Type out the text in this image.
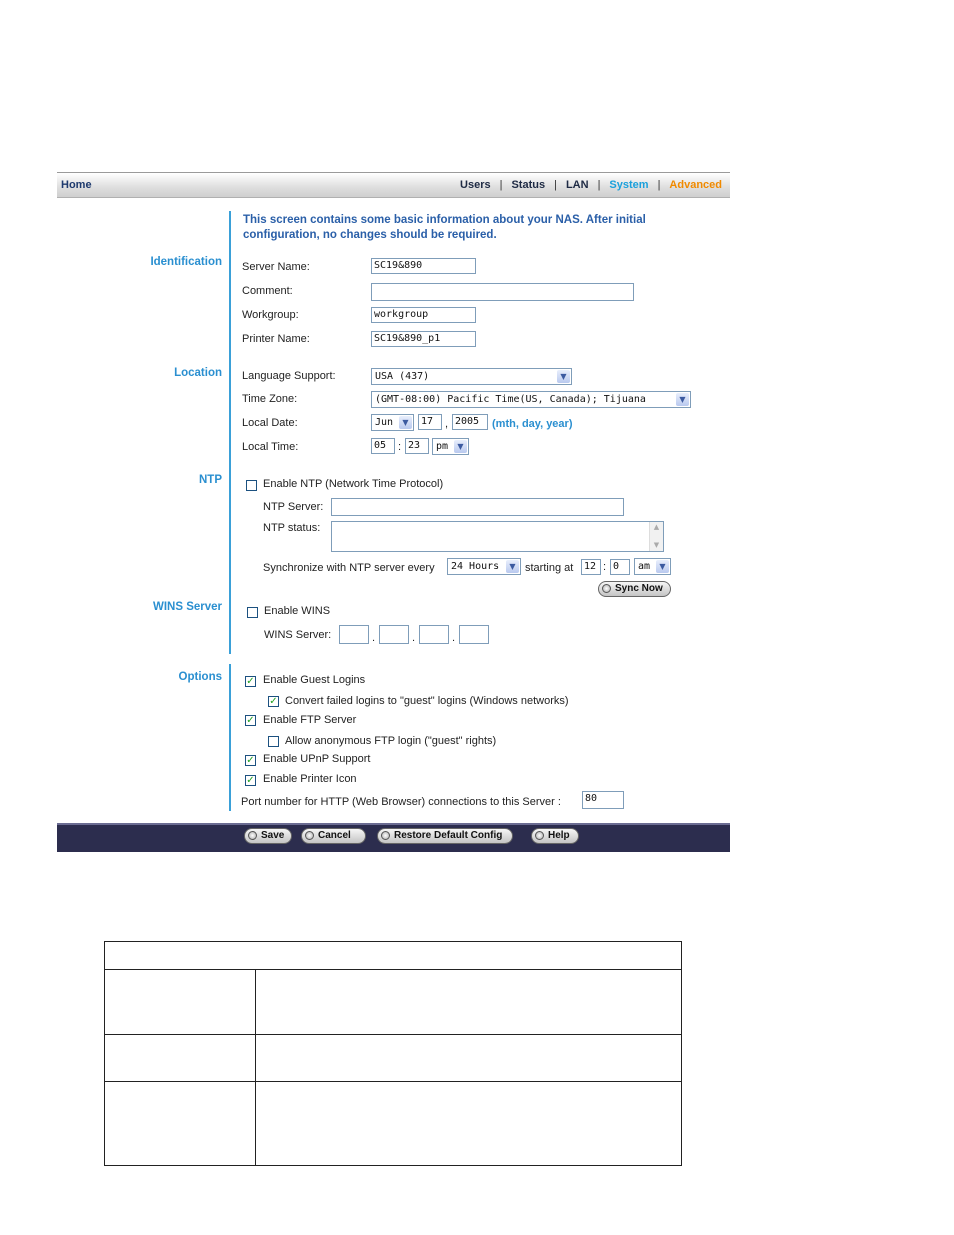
Home	Users | Status | LAN | System | Advanced
This screen contains some basic information about your NAS. After initial configuration, no changes should be required.
Identification
Location
NTP
WINS Server
Options
Server Name:	SC19&890
Comment:
Workgroup:	workgroup
Printer Name:	SC19&890_p1
Language Support:	USA (437)	▼
Time Zone:	(GMT-08:00) Pacific Time(US, Canada); Tijuana	▼
Local Date:	Jun	▼	17	, 2005	(mth, day, year)
Local Time:	05	: 23	pm	▼
Enable NTP (Network Time Protocol)
NTP Server:
NTP status:	▲
▼
Synchronize with NTP server every	24 Hours	▼ starting at	12 : 0	am	▼
Sync Now
Enable WINS
WINS Server:	.	.	.
✓ Enable Guest Logins
✓ Convert failed logins to "guest" logins (Windows networks)
✓ Enable FTP Server
Allow anonymous FTP login ("guest" rights)
✓ Enable UPnP Support
✓ Enable Printer Icon
Port number for HTTP (Web Browser) connections to this Server :	80
Save	Cancel	Restore Default Config	Help
